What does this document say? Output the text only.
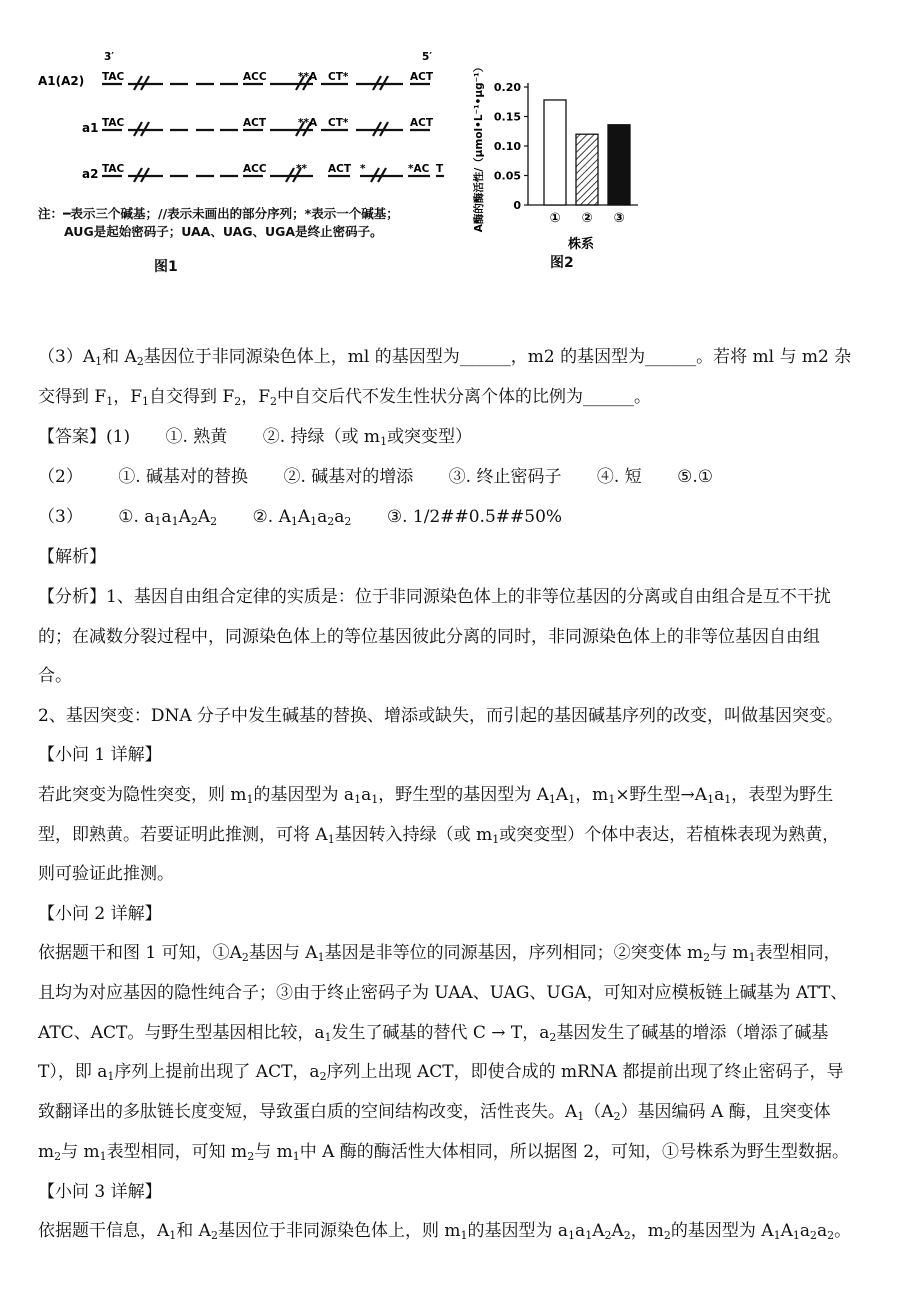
3′	5′
A1(A2) TAC	ACC	**A CT*	ACT
a1 TAC	ACT	**A CT*	ACT
a2 TAC	ACC	** ACT *	*AC T
注：━表示三个碱基；//表示未画出的部分序列；*表示一个碱基；
AUG是起始密码子；UAA、UAG、UGA是终止密码子。
图1
A酶的酶活性/（μmol•L⁻¹•μg⁻¹）	0
0.05
0.10
0.15
0.20
① ② ③
株系
图2
$(3)A_1$和 $A_2$基因位于非同源染色体上，ml 的基因型为______，m2 的基因型为______。若将 ml 与 m2 杂
交得到 $F_1$，$F_1$自交得到 $F_2$，$F_2$中自交后代不发生性状分离个体的比例为______。
【答案】(1) ①. 熟黄 ②. 持绿（或 $m_1$或突变型）
（2） ①. 碱基对的替换 ②. 碱基对的增添 ③. 终止密码子 ④. 短 ⑤.①
（3） ①. $a_1a_1A_2A_2$ ②. $A_1A_1a_2a_2$ ③. 1/2##0.5##50%
【解析】
【分析】1、基因自由组合定律的实质是：位于非同源染色体上的非等位基因的分离或自由组合是互不干扰
的；在减数分裂过程中，同源染色体上的等位基因彼此分离的同时，非同源染色体上的非等位基因自由组
合。
2、基因突变：DNA 分子中发生碱基的替换、增添或缺失，而引起的基因碱基序列的改变，叫做基因突变。
【小问 1 详解】
若此突变为隐性突变，则 $m_1$的基因型为 $a_1a_1$，野生型的基因型为 $A_1A_1$，$m_1\times$野生型$\to A_1a_1$，表型为野生
型，即熟黄。若要证明此推测，可将 $A_1$基因转入持绿（或 $m_1$或突变型）个体中表达，若植株表现为熟黄，
则可验证此推测。
【小问 2 详解】
依据题干和图 1 可知，$①A_2$基因与 $A_1$基因是非等位的同源基因，序列相同；②突变体 $m_2$与 $m_1$表型相同，
且均为对应基因的隐性纯合子；③由于终止密码子为 UAA、UAG、UGA，可知对应模板链上碱基为 ATT、
ATC、ACT。与野生型基因相比较，$a_1$发生了碱基的替代 C → T，$a_2$基因发生了碱基的增添（增添了碱基
T），即 $a_1$序列上提前出现了 ACT，$a_2$序列上出现 ACT，即使合成的 mRNA 都提前出现了终止密码子，导
致翻译出的多肽链长度变短，导致蛋白质的空间结构改变，活性丧失。$A_1(A_2)$基因编码 A 酶，且突变体
$m_2$与 $m_1$表型相同，可知 $m_2$与 $m_1$中 A 酶的酶活性大体相同，所以据图 2，可知，①号株系为野生型数据。
【小问 3 详解】
依据题干信息，$A_1$和 $A_2$基因位于非同源染色体上，则 $m_1$的基因型为 $a_1a_1A_2A_2$，$m_2$的基因型为 $A_1A_1a_2a_2$。
